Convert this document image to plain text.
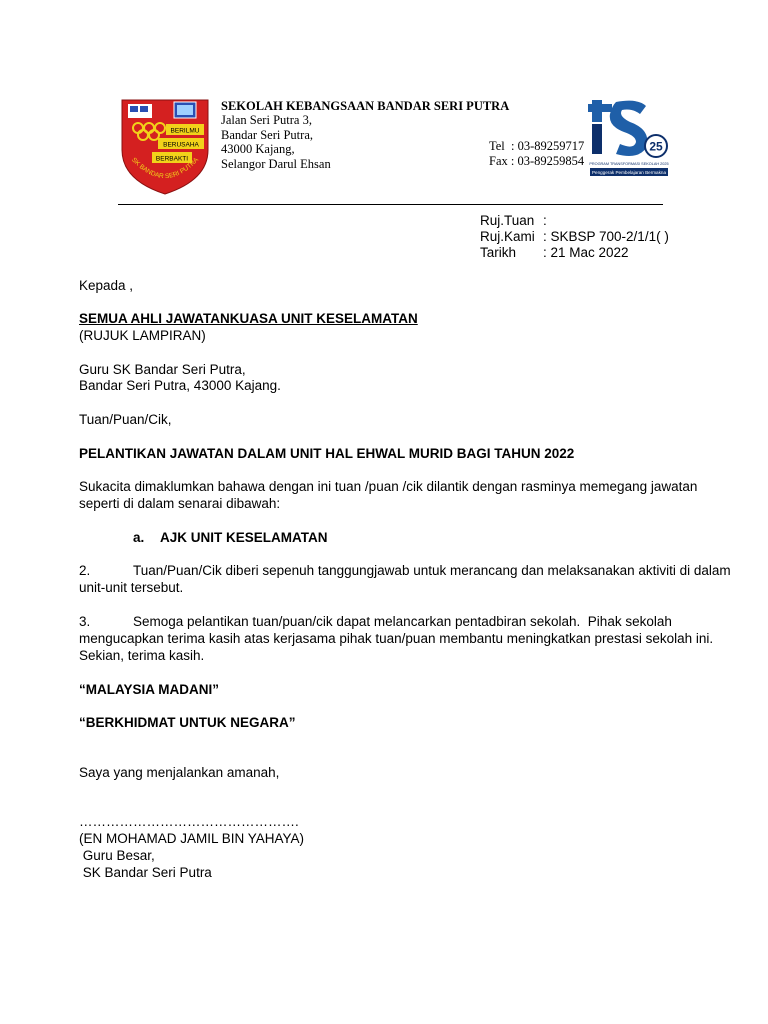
BERILMU
BERUSAHA
BERBAKTI
SK BANDAR SERI PUTRA
SEKOLAH KEBANGSAAN BANDAR SERI PUTRA
Jalan Seri Putra 3,
Bandar Seri Putra,
43000 Kajang,
Selangor Darul Ehsan
Tel  : 03-89259717
Fax : 03-89259854
25
PROGRAM TRANSFORMASI SEKOLAH 2025
Penggerak Pembelajaran Bermakna
Ruj.Tuan :
Ruj.Kami : SKBSP 700-2/1/1( )
Tarikh : 21 Mac 2022
Kepada ,
SEMUA AHLI JAWATANKUASA UNIT KESELAMATAN
(RUJUK LAMPIRAN)
Guru SK Bandar Seri Putra,
Bandar Seri Putra, 43000 Kajang.
Tuan/Puan/Cik,
PELANTIKAN JAWATAN DALAM UNIT HAL EHWAL MURID BAGI TAHUN 2022
Sukacita dimaklumkan bahawa dengan ini tuan /puan /cik dilantik dengan rasminya memegang jawatan
seperti di dalam senarai dibawah:
a. AJK UNIT KESELAMATAN
2.	Tuan/Puan/Cik diberi sepenuh tanggungjawab untuk merancang dan melaksanakan aktiviti di dalam
unit-unit tersebut.
3.	Semoga pelantikan tuan/puan/cik dapat melancarkan pentadbiran sekolah.  Pihak sekolah
mengucapkan terima kasih atas kerjasama pihak tuan/puan membantu meningkatkan prestasi sekolah ini.
Sekian, terima kasih.
“MALAYSIA MADANI”
“BERKHIDMAT UNTUK NEGARA”
Saya yang menjalankan amanah,
………………………………………….
(EN MOHAMAD JAMIL BIN YAHAYA)
Guru Besar,
SK Bandar Seri Putra
